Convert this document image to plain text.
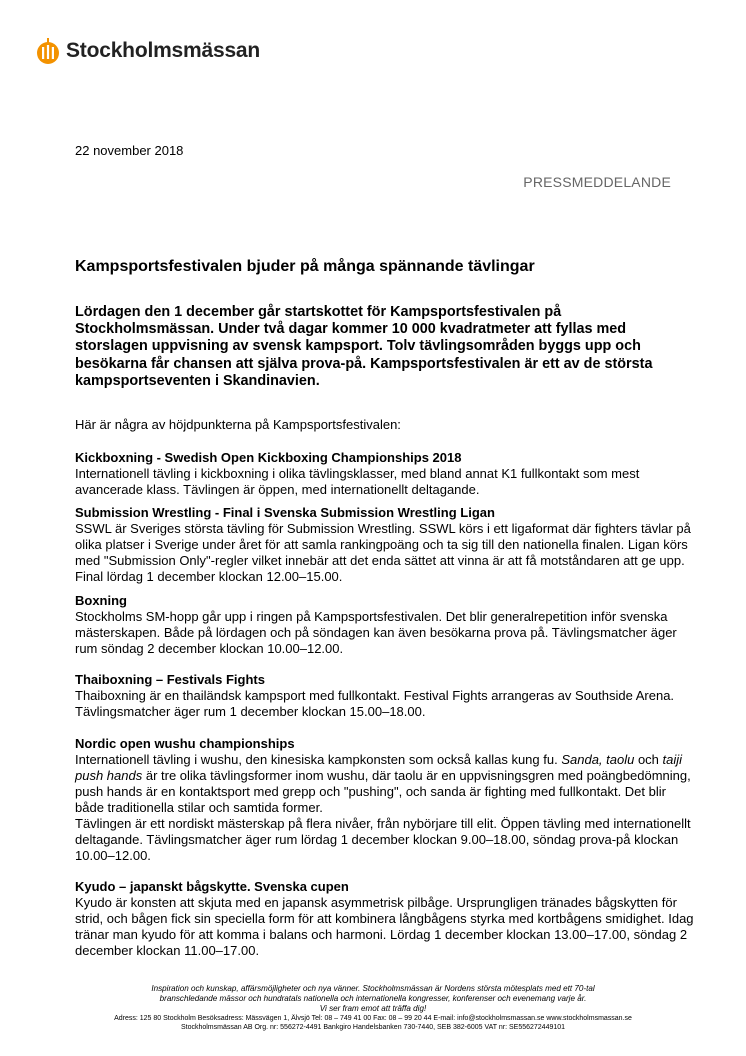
Stockholmsmässan
22 november 2018
PRESSMEDDELANDE
Kampsportsfestivalen bjuder på många spännande tävlingar

Lördagen den 1 december går startskottet för Kampsportsfestivalen på Stockholmsmässan. Under två dagar kommer 10 000 kvadratmeter att fyllas med storslagen uppvisning av svensk kampsport. Tolv tävlingsområden byggs upp och besökarna får chansen att själva prova-på. Kampsportsfestivalen är ett av de största kampsportseventen i Skandinavien.

Här är några av höjdpunkterna på Kampsportsfestivalen:
Kickboxning - Swedish Open Kickboxing Championships 2018

Internationell tävling i kickboxning i olika tävlingsklasser, med bland annat K1 fullkontakt som mest avancerade klass. Tävlingen är öppen, med internationellt deltagande.

Submission Wrestling - Final i Svenska Submission Wrestling Ligan

SSWL är Sveriges största tävling för Submission Wrestling. SSWL körs i ett ligaformat där fighters tävlar på olika platser i Sverige under året för att samla rankingpoäng och ta sig till den nationella finalen. Ligan körs med "Submission Only"-regler vilket innebär att det enda sättet att vinna är att få motståndaren att ge upp. Final lördag 1 december klockan 12.00–15.00.

Boxning

Stockholms SM-hopp går upp i ringen på Kampsportsfestivalen. Det blir generalrepetition inför svenska mästerskapen. Både på lördagen och på söndagen kan även besökarna prova på. Tävlingsmatcher äger rum söndag 2 december klockan 10.00–12.00.

Thaiboxning – Festivals Fights

Thaiboxning är en thailändsk kampsport med fullkontakt. Festival Fights arrangeras av Southside Arena. Tävlingsmatcher äger rum 1 december klockan 15.00–18.00.

Nordic open wushu championships

Internationell tävling i wushu, den kinesiska kampkonsten som också kallas kung fu. Sanda, taolu och taiji push hands är tre olika tävlingsformer inom wushu, där taolu är en uppvisningsgren med poängbedömning, push hands är en kontaktsport med grepp och "pushing", och sanda är fighting med fullkontakt. Det blir både traditionella stilar och samtida former.

Tävlingen är ett nordiskt mästerskap på flera nivåer, från nybörjare till elit. Öppen tävling med internationellt deltagande. Tävlingsmatcher äger rum lördag 1 december klockan 9.00–18.00, söndag prova-på klockan 10.00–12.00.

Kyudo – japanskt bågskytte. Svenska cupen

Kyudo är konsten att skjuta med en japansk asymmetrisk pilbåge. Ursprungligen tränades bågskytten för strid, och bågen fick sin speciella form för att kombinera långbågens styrka med kortbågens smidighet. Idag tränar man kyudo för att komma i balans och harmoni. Lördag 1 december klockan 13.00–17.00, söndag 2 december klockan 11.00–17.00.

Inspiration och kunskap, affärsmöjligheter och nya vänner. Stockholmsmässan är Nordens största mötesplats med ett 70-tal
branschledande mässor och hundratals nationella och internationella kongresser, konferenser och evenemang varje år.
Vi ser fram emot att träffa dig!
Adress: 125 80 Stockholm Besöksadress: Mässvägen 1, Älvsjö Tel: 08 – 749 41 00 Fax: 08 – 99 20 44 E-mail: info@stockholmsmassan.se www.stockholmsmassan.se
Stockholmsmässan AB Org. nr: 556272-4491 Bankgiro Handelsbanken 730-7440, SEB 382-6005 VAT nr: SE556272449101
